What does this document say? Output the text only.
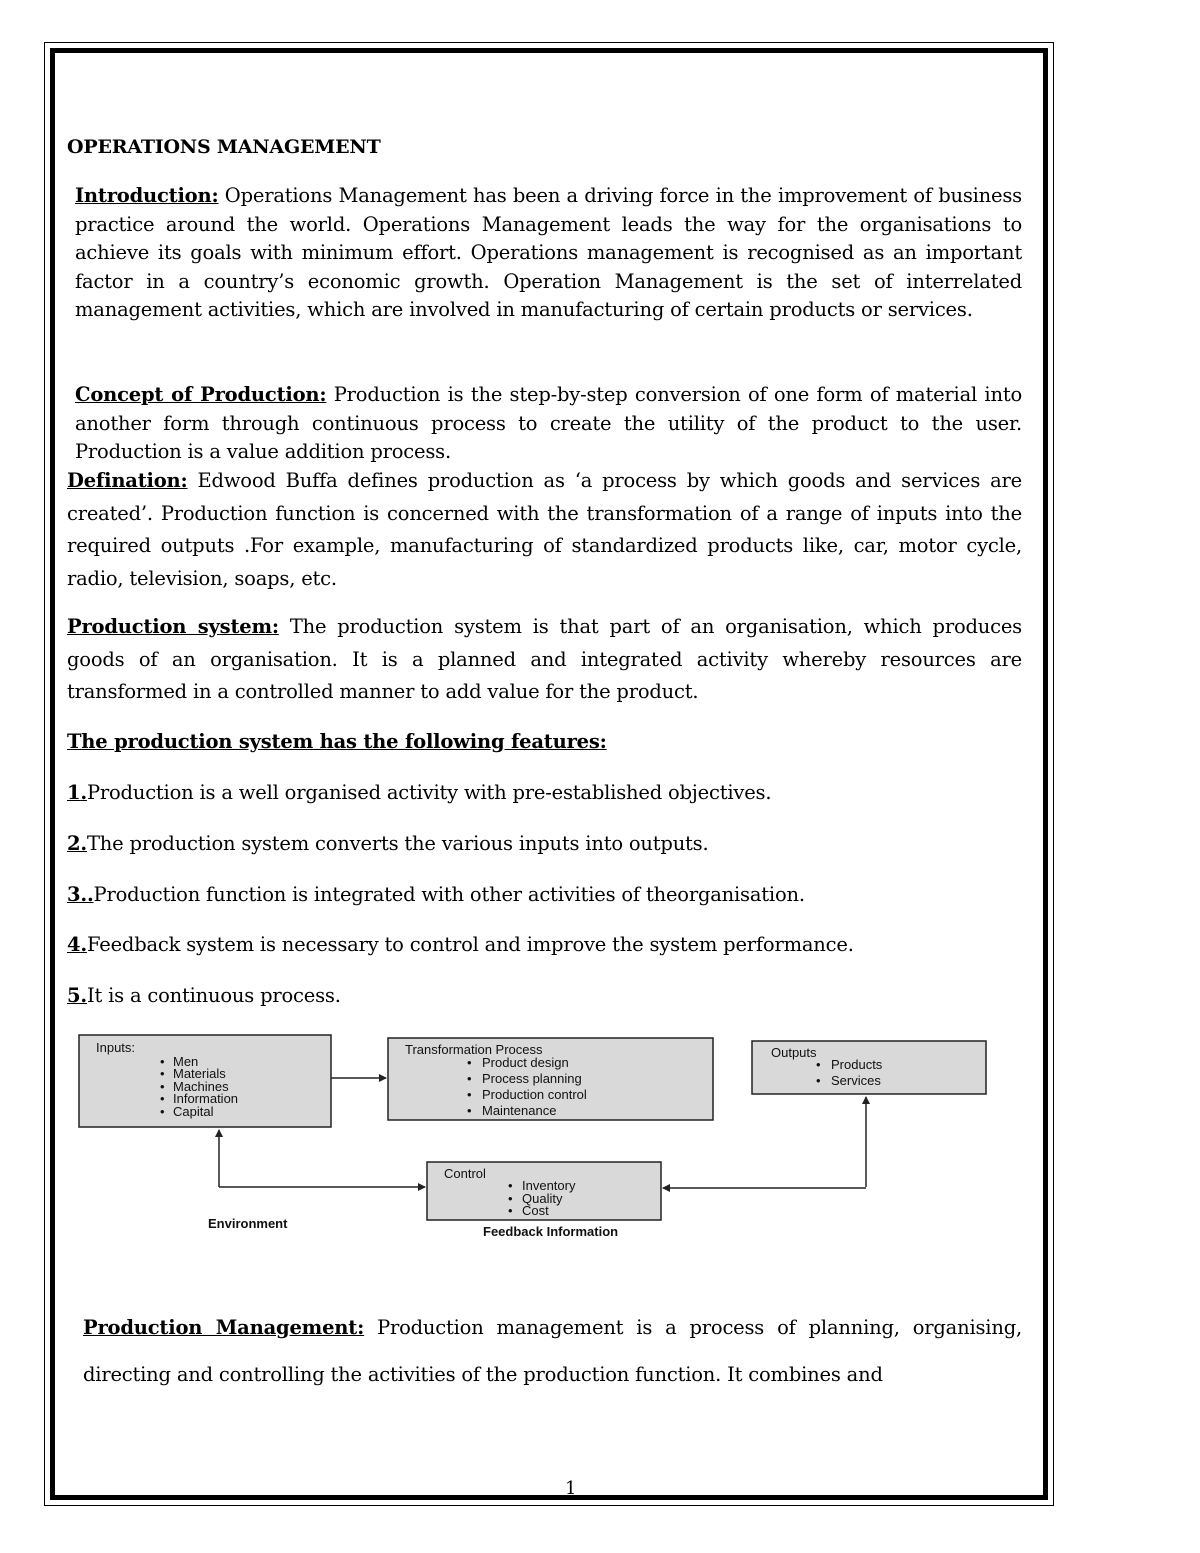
OPERATIONS MANAGEMENT
Introduction: Operations Management has been a driving force in the improvement of business practice around the world. Operations Management leads the way for the organisations to achieve its goals with minimum effort. Operations management is recognised as an important factor in a country’s economic growth. Operation Management is the set of interrelated management activities, which are involved in manufacturing of certain products or services.
Concept of Production: Production is the step-by-step conversion of one form of material into another form through continuous process to create the utility of the product to the user. Production is a value addition process.
Defination: Edwood Buffa defines production as ‘a process by which goods and services are created’. Production function is concerned with the transformation of a range of inputs into the required outputs .For example, manufacturing of standardized products like, car, motor cycle, radio, television, soaps, etc.
Production system: The production system is that part of an organisation, which produces goods of an organisation. It is a planned and integrated activity whereby resources are transformed in a controlled manner to add value for the product.
The production system has the following features:
1.Production is a well organised activity with pre-established objectives.
2.The production system converts the various inputs into outputs.
3..Production function is integrated with other activities of theorganisation.
4.Feedback system is necessary to control and improve the system performance.
5.It is a continuous process.
Inputs:
• Men
• Materials
• Machines
• Information
• Capital
Transformation Process
• Product design
• Process planning
• Production control
• Maintenance
Outputs
• Products
• Services
Control
• Inventory
• Quality
• Cost
Environment
Feedback Information
Production Management: Production management is a process of planning, organising, directing and controlling the activities of the production function. It combines and
1
